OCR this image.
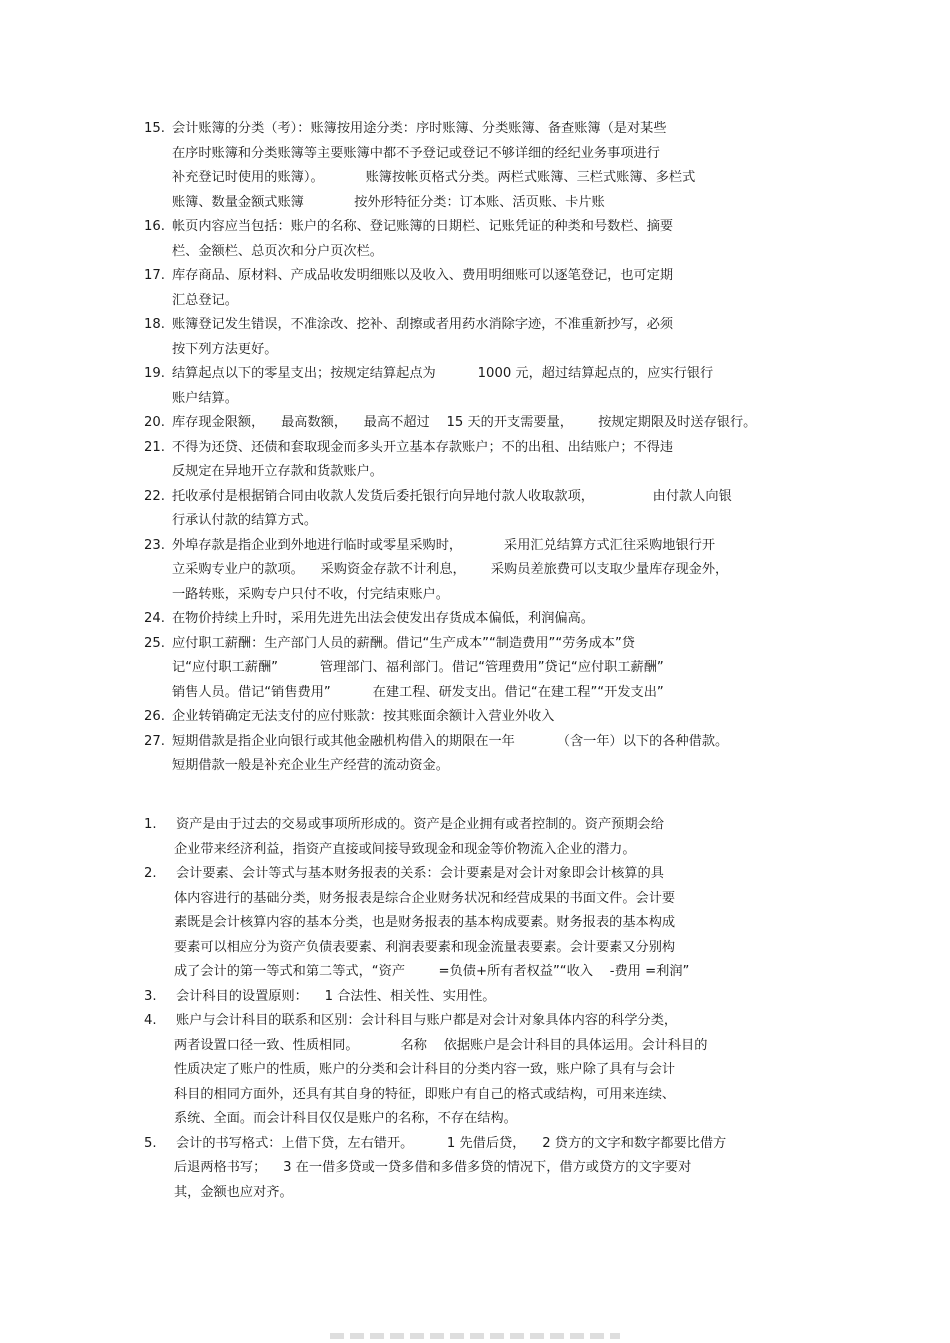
15. 会计账簿的分类（考）：账簿按用途分类：序时账簿、分类账簿、备查账簿（是对某些
在序时账簿和分类账簿等主要账簿中都不予登记或登记不够详细的经纪业务事项进行
补充登记时使用的账簿）。          账簿按帐页格式分类。两栏式账簿、三栏式账簿、多栏式
账簿、数量金额式账簿            按外形特征分类：订本账、活页账、卡片账
16. 帐页内容应当包括：账户的名称、登记账簿的日期栏、记账凭证的种类和号数栏、摘要
栏、金额栏、总页次和分户页次栏。
17. 库存商品、原材料、产成品收发明细账以及收入、费用明细账可以逐笔登记，也可定期
汇总登记。
18. 账簿登记发生错误，不准涂改、挖补、刮擦或者用药水消除字迹，不准重新抄写，必须
按下列方法更好。
19. 结算起点以下的零星支出；按规定结算起点为          1000 元，超过结算起点的，应实行银行
账户结算。
20. 库存现金限额，    最高数额，    最高不超过    15 天的开支需要量，      按规定期限及时送存银行。
21. 不得为还贷、还债和套取现金而多头开立基本存款账户；不的出租、出结账户；不得违
反规定在异地开立存款和货款账户。
22. 托收承付是根据销合同由收款人发货后委托银行向异地付款人收取款项，              由付款人向银
行承认付款的结算方式。
23. 外埠存款是指企业到外地进行临时或零星采购时，          采用汇兑结算方式汇往采购地银行开
立采购专业户的款项。    采购资金存款不计利息，      采购员差旅费可以支取少量库存现金外，
一路转账，采购专户只付不收，付完结束账户。
24. 在物价持续上升时，采用先进先出法会使发出存货成本偏低，利润偏高。
25. 应付职工薪酬：生产部门人员的薪酬。借记“生产成本”“制造费用”“劳务成本”贷
记“应付职工薪酬”          管理部门、福利部门。借记“管理费用”贷记“应付职工薪酬”
销售人员。借记“销售费用”          在建工程、研发支出。借记“在建工程”“开发支出”
26. 企业转销确定无法支付的应付账款：按其账面余额计入营业外收入
27. 短期借款是指企业向银行或其他金融机构借入的期限在一年          （含一年）以下的各种借款。
短期借款一般是补充企业生产经营的流动资金。
1.	资产是由于过去的交易或事项所形成的。资产是企业拥有或者控制的。资产预期会给
企业带来经济利益，指资产直接或间接导致现金和现金等价物流入企业的潜力。
2.	会计要素、会计等式与基本财务报表的关系：会计要素是对会计对象即会计核算的具
体内容进行的基础分类，财务报表是综合企业财务状况和经营成果的书面文件。会计要
素既是会计核算内容的基本分类，也是财务报表的基本构成要素。财务报表的基本构成
要素可以相应分为资产负债表要素、利润表要素和现金流量表要素。会计要素又分别构
成了会计的第一等式和第二等式，“资产        =负债+所有者权益”“收入    -费用 =利润”
3.	会计科目的设置原则：    1 合法性、相关性、实用性。
4.	账户与会计科目的联系和区别：会计科目与账户都是对会计对象具体内容的科学分类，
两者设置口径一致、性质相同。          名称    依据账户是会计科目的具体运用。会计科目的
性质决定了账户的性质，账户的分类和会计科目的分类内容一致，账户除了具有与会计
科目的相同方面外，还具有其自身的特征，即账户有自己的格式或结构，可用来连续、
系统、全面。而会计科目仅仅是账户的名称，不存在结构。
5.	会计的书写格式：上借下贷，左右错开。        1 先借后贷，    2 贷方的文字和数字都要比借方
后退两格书写；    3 在一借多贷或一贷多借和多借多贷的情况下，借方或贷方的文字要对
其，金额也应对齐。
